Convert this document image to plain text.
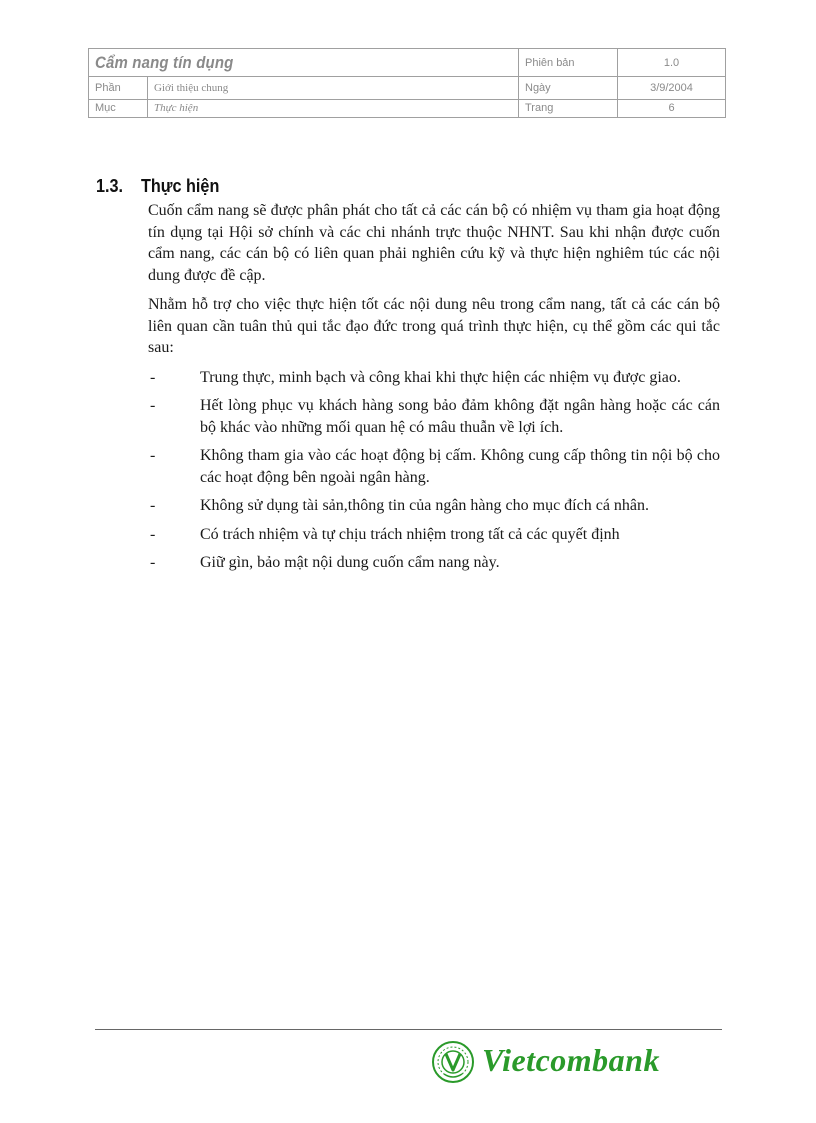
Cẩm nang tín dụng		Phiên bản	1.0
Phần	Giới thiệu chung	Ngày	3/9/2004
Mục	Thực hiện	Trang	6
1.3. Thực hiện

Cuốn cẩm nang sẽ được phân phát cho tất cả các cán bộ có nhiệm vụ tham gia hoạt động tín dụng tại Hội sở chính và các chi nhánh trực thuộc NHNT. Sau khi nhận được cuốn cẩm nang, các cán bộ có liên quan phải nghiên cứu kỹ và thực hiện nghiêm túc các nội dung được đề cập.

Nhằm hỗ trợ cho việc thực hiện tốt các nội dung nêu trong cẩm nang, tất cả các cán bộ liên quan cần tuân thủ qui tắc đạo đức trong quá trình thực hiện, cụ thể gồm các qui tắc sau:

-	Trung thực, minh bạch và công khai khi thực hiện các nhiệm vụ được giao.
-	Hết lòng phục vụ khách hàng song bảo đảm không đặt ngân hàng hoặc các cán bộ khác vào những mối quan hệ có mâu thuẫn về lợi ích.
-	Không tham gia vào các hoạt động bị cấm. Không cung cấp thông tin nội bộ cho các hoạt động bên ngoài ngân hàng.
-	Không sử dụng tài sản,thông tin của ngân hàng cho mục đích cá nhân.
-	Có trách nhiệm và tự chịu trách nhiệm trong tất cả các quyết định
-	Giữ gìn, bảo mật nội dung cuốn cẩm nang này.
Vietcombank
